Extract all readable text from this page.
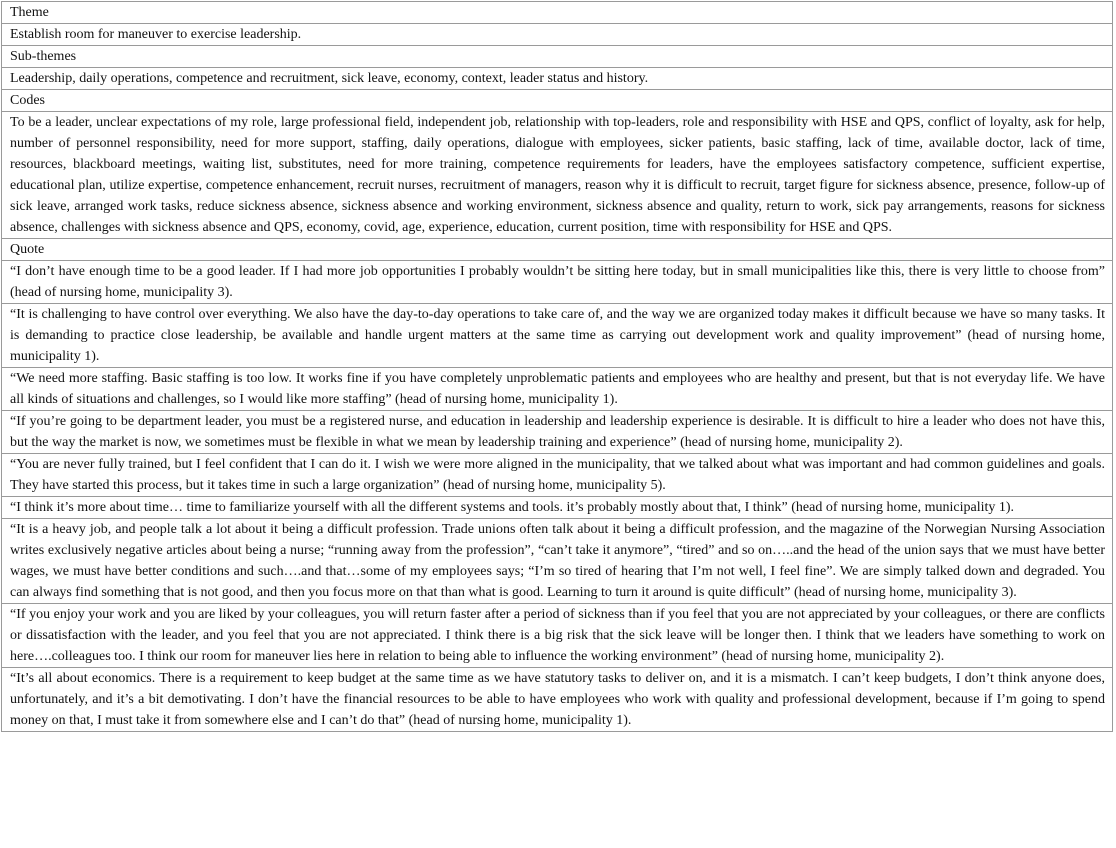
Theme

Establish room for maneuver to exercise leadership.

Sub-themes

Leadership, daily operations, competence and recruitment, sick leave, economy, context, leader status and history.

Codes

To be a leader, unclear expectations of my role, large professional field, independent job, relationship with top-leaders, role and responsibility with HSE and QPS, conflict of loyalty, ask for help, number of personnel responsibility, need for more support, staffing, daily operations, dialogue with employees, sicker patients, basic staffing, lack of time, available doctor, lack of time, resources, blackboard meetings, waiting list, substitutes, need for more training, competence requirements for leaders, have the employees satisfactory competence, sufficient expertise, educational plan, utilize expertise, competence enhancement, recruit nurses, recruitment of managers, reason why it is difficult to recruit, target figure for sickness absence, presence, follow-up of sick leave, arranged work tasks, reduce sickness absence, sickness absence and working environment, sickness absence and quality, return to work, sick pay arrangements, reasons for sickness absence, challenges with sickness absence and QPS, economy, covid, age, experience, education, current position, time with responsibility for HSE and QPS.

Quote

“I don’t have enough time to be a good leader. If I had more job opportunities I probably wouldn’t be sitting here today, but in small municipalities like this, there is very little to choose from” (head of nursing home, municipality 3).

“It is challenging to have control over everything. We also have the day-to-day operations to take care of, and the way we are organized today makes it difficult because we have so many tasks. It is demanding to practice close leadership, be available and handle urgent matters at the same time as carrying out development work and quality improvement” (head of nursing home, municipality 1).

“We need more staffing. Basic staffing is too low. It works fine if you have completely unproblematic patients and employees who are healthy and present, but that is not everyday life. We have all kinds of situations and challenges, so I would like more staffing” (head of nursing home, municipality 1).

“If you’re going to be department leader, you must be a registered nurse, and education in leadership and leadership experience is desirable. It is difficult to hire a leader who does not have this, but the way the market is now, we sometimes must be flexible in what we mean by leadership training and experience” (head of nursing home, municipality 2).

“You are never fully trained, but I feel confident that I can do it. I wish we were more aligned in the municipality, that we talked about what was important and had common guidelines and goals. They have started this process, but it takes time in such a large organization” (head of nursing home, municipality 5).

“I think it’s more about time… time to familiarize yourself with all the different systems and tools. it’s probably mostly about that, I think” (head of nursing home, municipality 1).

“It is a heavy job, and people talk a lot about it being a difficult profession. Trade unions often talk about it being a difficult profession, and the magazine of the Norwegian Nursing Association writes exclusively negative articles about being a nurse; “running away from the profession”, “can’t take it anymore”, “tired” and so on…..and the head of the union says that we must have better wages, we must have better conditions and such….and that…some of my employees says; “I’m so tired of hearing that I’m not well, I feel fine”. We are simply talked down and degraded. You can always find something that is not good, and then you focus more on that than what is good. Learning to turn it around is quite difficult” (head of nursing home, municipality 3).

“If you enjoy your work and you are liked by your colleagues, you will return faster after a period of sickness than if you feel that you are not appreciated by your colleagues, or there are conflicts or dissatisfaction with the leader, and you feel that you are not appreciated. I think there is a big risk that the sick leave will be longer then. I think that we leaders have something to work on here….colleagues too. I think our room for maneuver lies here in relation to being able to influence the working environment” (head of nursing home, municipality 2).

“It’s all about economics. There is a requirement to keep budget at the same time as we have statutory tasks to deliver on, and it is a mismatch. I can’t keep budgets, I don’t think anyone does, unfortunately, and it’s a bit demotivating. I don’t have the financial resources to be able to have employees who work with quality and professional development, because if I’m going to spend money on that, I must take it from somewhere else and I can’t do that” (head of nursing home, municipality 1).
